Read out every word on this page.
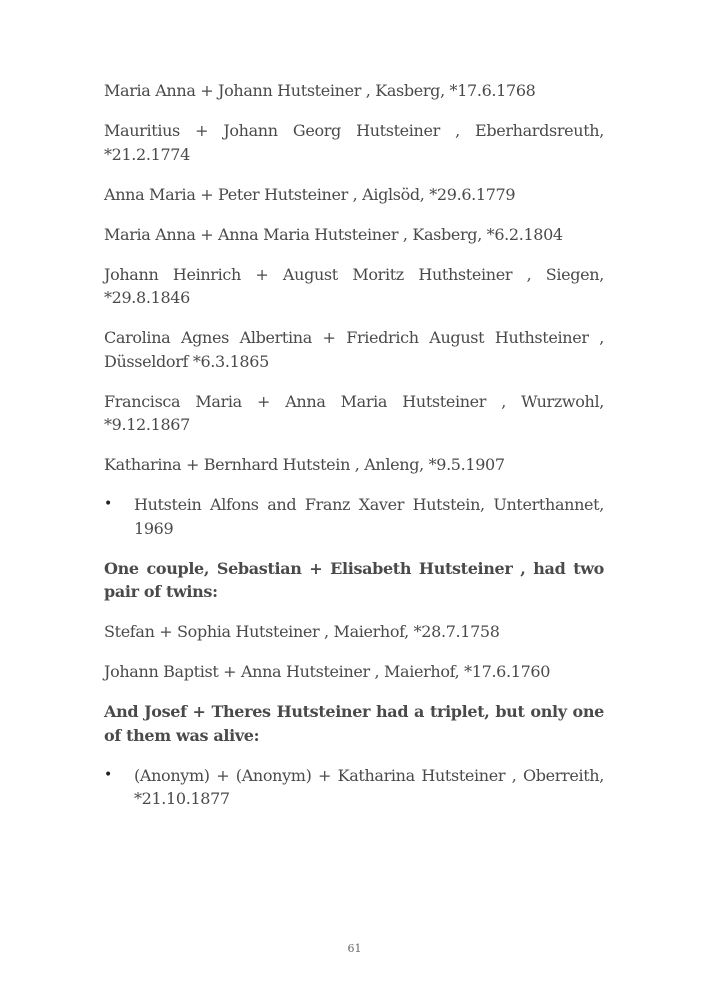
Maria Anna + Johann Hutsteiner , Kasberg, *17.6.1768

Mauritius + Johann Georg Hutsteiner , Eberhardsreuth, *21.2.1774

Anna Maria + Peter Hutsteiner , Aiglsöd, *29.6.1779

Maria Anna + Anna Maria Hutsteiner , Kasberg, *6.2.1804

Johann Heinrich + August Moritz Huthsteiner , Siegen, *29.8.1846

Carolina Agnes Albertina + Friedrich August Huthsteiner , Düsseldorf *6.3.1865

Francisca Maria + Anna Maria Hutsteiner , Wurzwohl, *9.12.1867

Katharina + Bernhard Hutstein , Anleng, *9.5.1907

•	Hutstein Alfons and Franz Xaver Hutstein, Unterthannet, 1969

One couple, Sebastian + Elisabeth Hutsteiner , had two pair of twins:

Stefan + Sophia Hutsteiner , Maierhof, *28.7.1758

Johann Baptist + Anna Hutsteiner , Maierhof, *17.6.1760

And Josef + Theres Hutsteiner had a triplet, but only one of them was alive:

•	(Anonym) + (Anonym) + Katharina Hutsteiner , Oberreith, *21.10.1877
61
